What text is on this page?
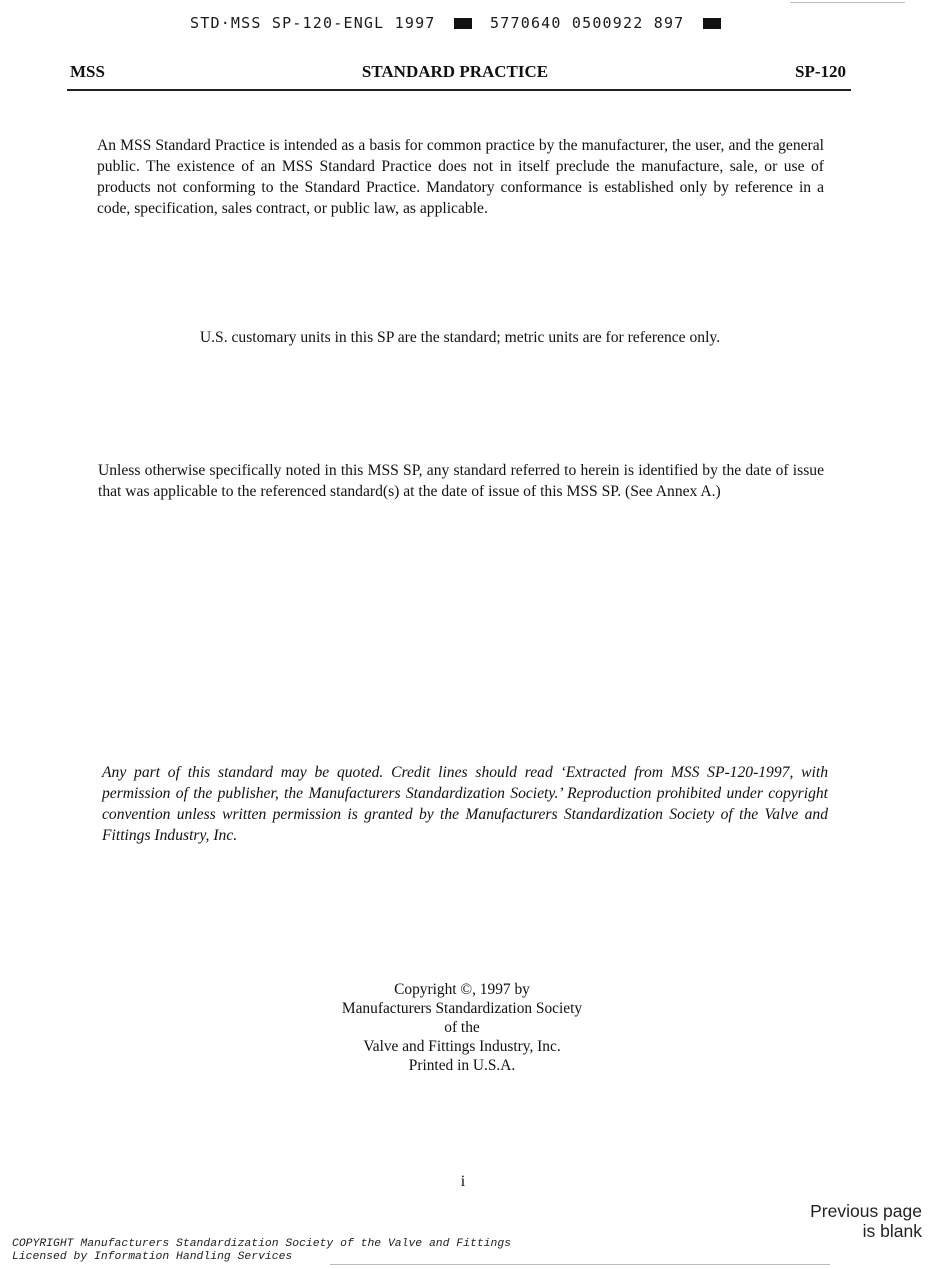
STD·MSS SP-120-ENGL 1997	5770640 0500922 897
MSS	STANDARD PRACTICE	SP-120
An MSS Standard Practice is intended as a basis for common practice by the manufacturer, the user, and the general public. The existence of an MSS Standard Practice does not in itself preclude the manufacture, sale, or use of products not conforming to the Standard Practice. Mandatory conformance is established only by reference in a code, specification, sales contract, or public law, as applicable.
U.S. customary units in this SP are the standard; metric units are for reference only.
Unless otherwise specifically noted in this MSS SP, any standard referred to herein is identified by the date of issue that was applicable to the referenced standard(s) at the date of issue of this MSS SP. (See Annex A.)
Any part of this standard may be quoted. Credit lines should read ‘Extracted from MSS SP-120-1997, with permission of the publisher, the Manufacturers Standardization Society.’ Reproduction prohibited under copyright convention unless written permission is granted by the Manufacturers Standardization Society of the Valve and Fittings Industry, Inc.
Copyright ©, 1997 by
Manufacturers Standardization Society
of the
Valve and Fittings Industry, Inc.
Printed in U.S.A.
i
Previous page
is blank
COPYRIGHT Manufacturers Standardization Society of the Valve and Fittings
Licensed by Information Handling Services
